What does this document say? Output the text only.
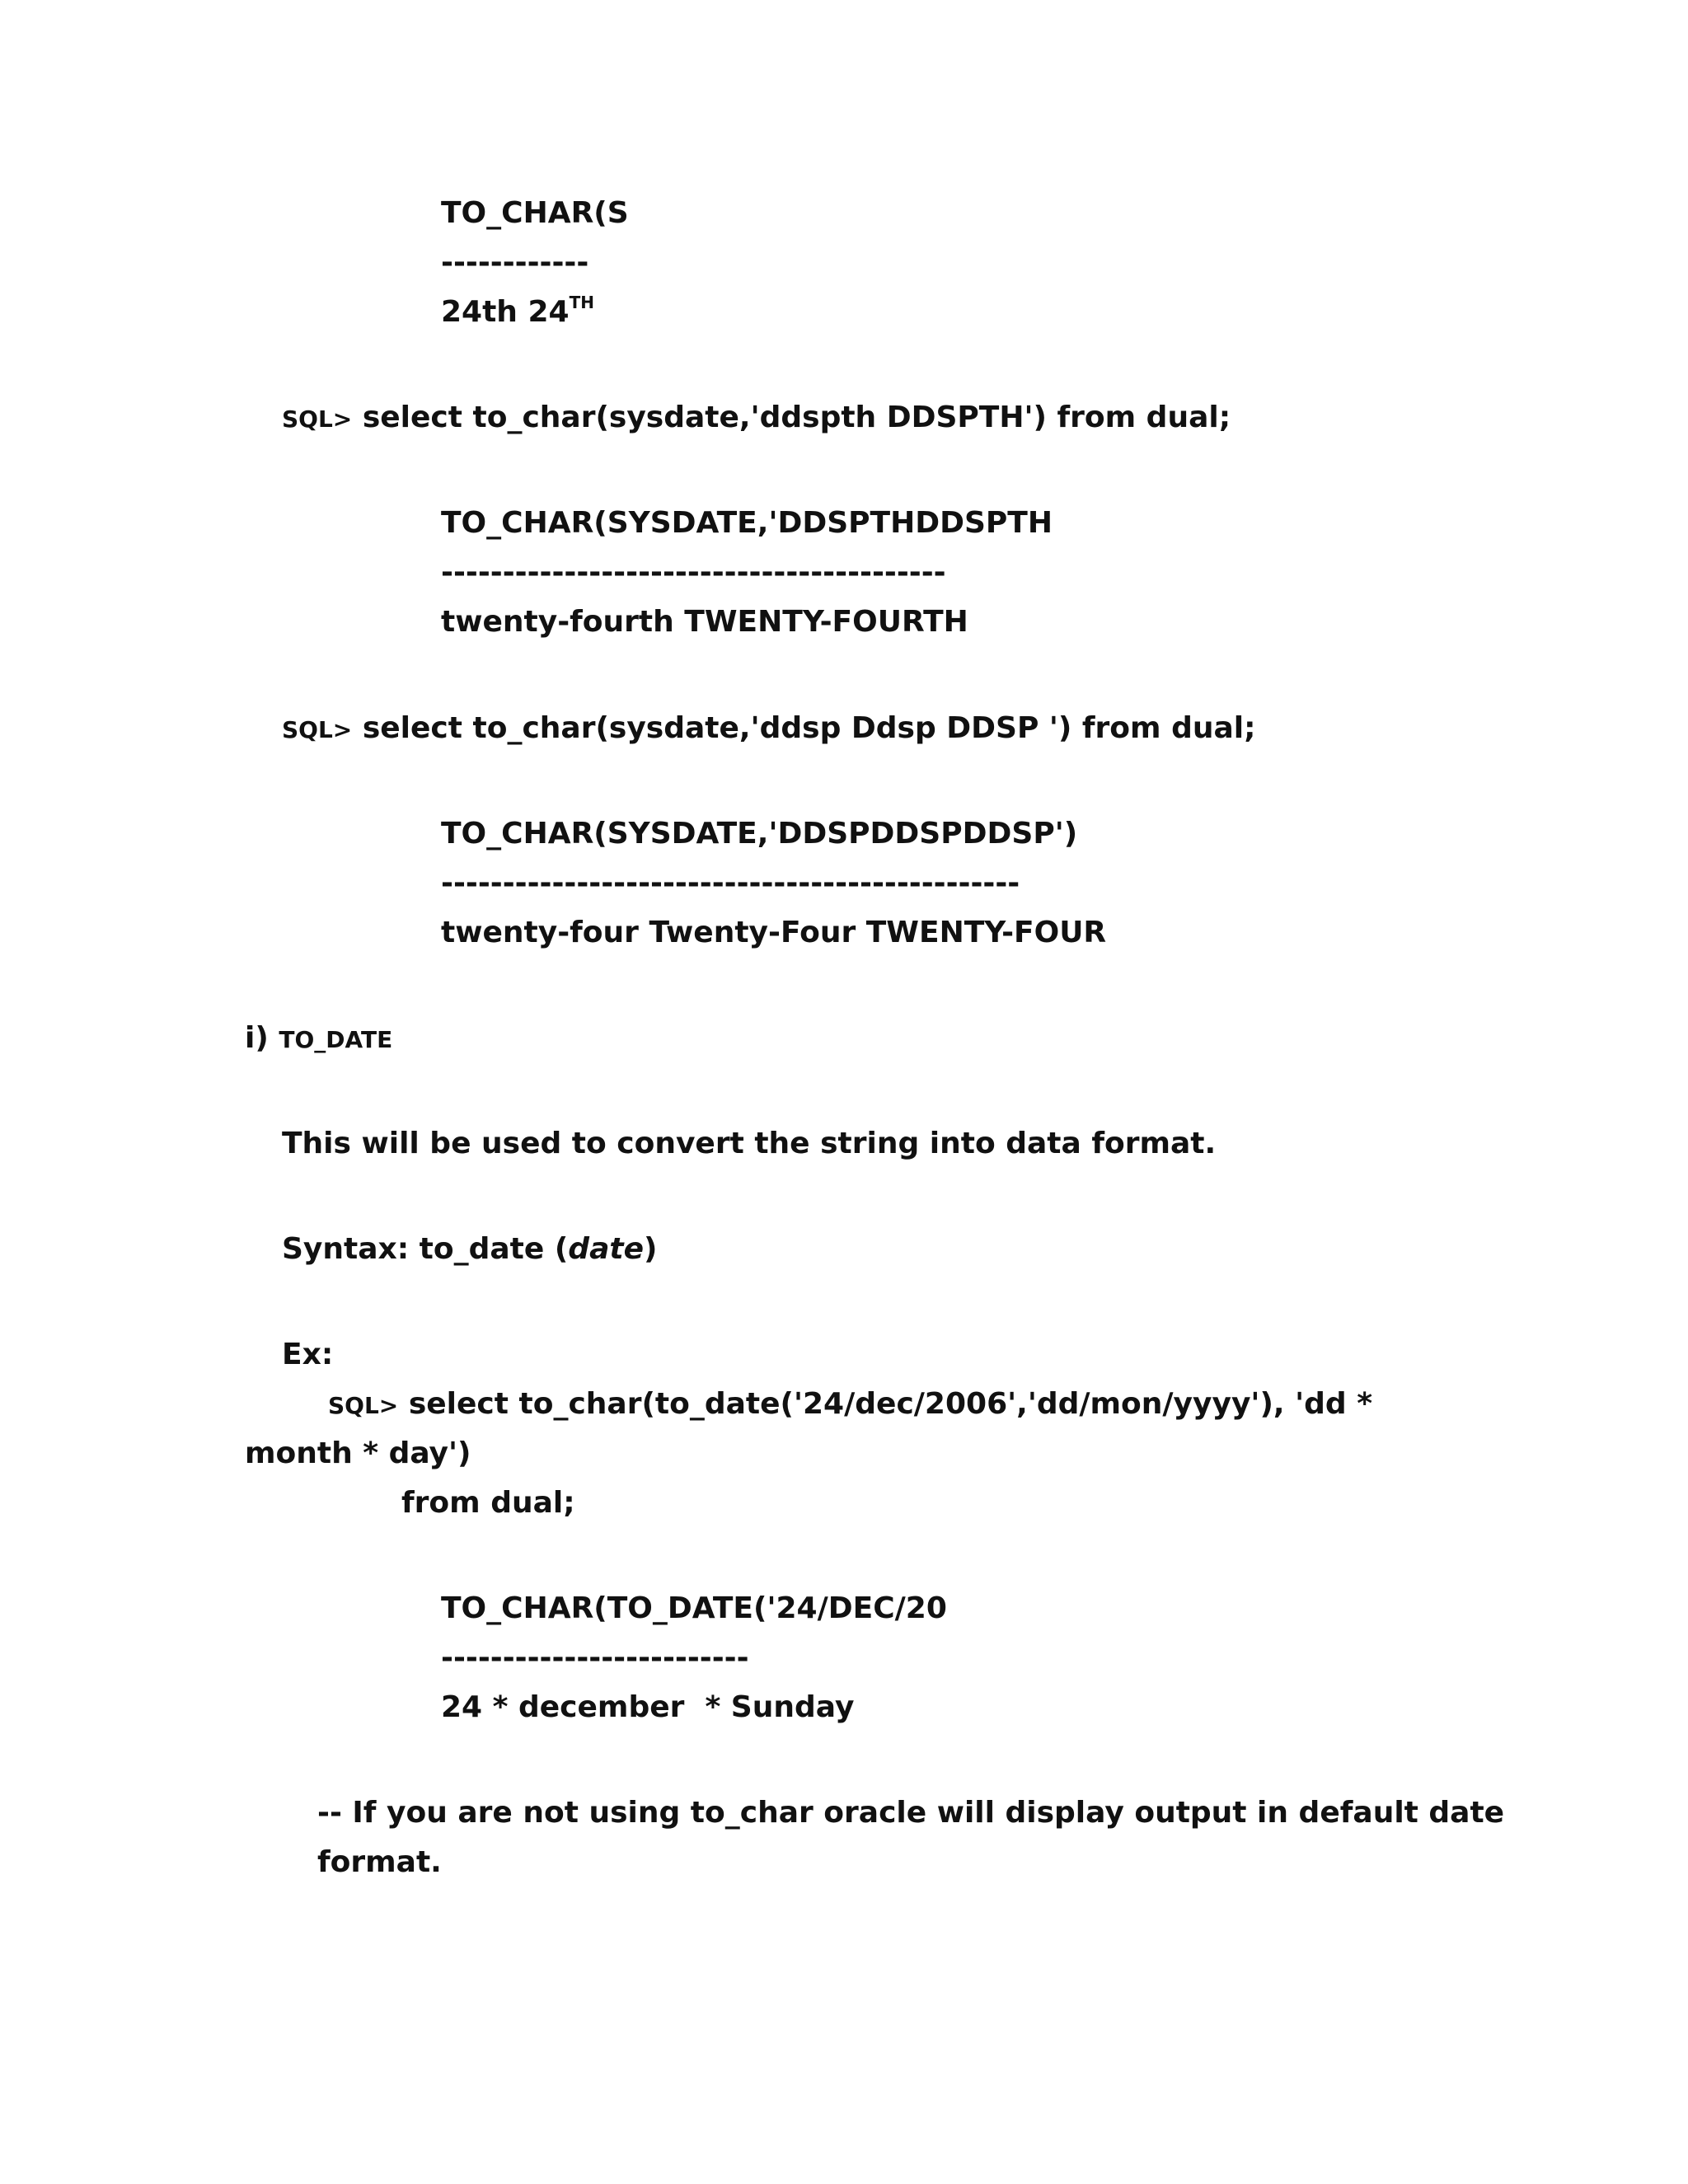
TO_CHAR(S
------------
24th 24TH
SQL> select to_char(sysdate,'ddspth DDSPTH') from dual;
TO_CHAR(SYSDATE,'DDSPTHDDSPTH
-----------------------------------------
twenty-fourth TWENTY-FOURTH
SQL> select to_char(sysdate,'ddsp Ddsp DDSP ') from dual;
TO_CHAR(SYSDATE,'DDSPDDSPDDSP')
-----------------------------------------------
twenty-four Twenty-Four TWENTY-FOUR
i) TO_DATE
This will be used to convert the string into data format.
Syntax: to_date (date)
Ex:
SQL> select to_char(to_date('24/dec/2006','dd/mon/yyyy'), 'dd *
month * day')
from dual;
TO_CHAR(TO_DATE('24/DEC/20
-------------------------
24 * december  * Sunday
-- If you are not using to_char oracle will display output in default date
format.
